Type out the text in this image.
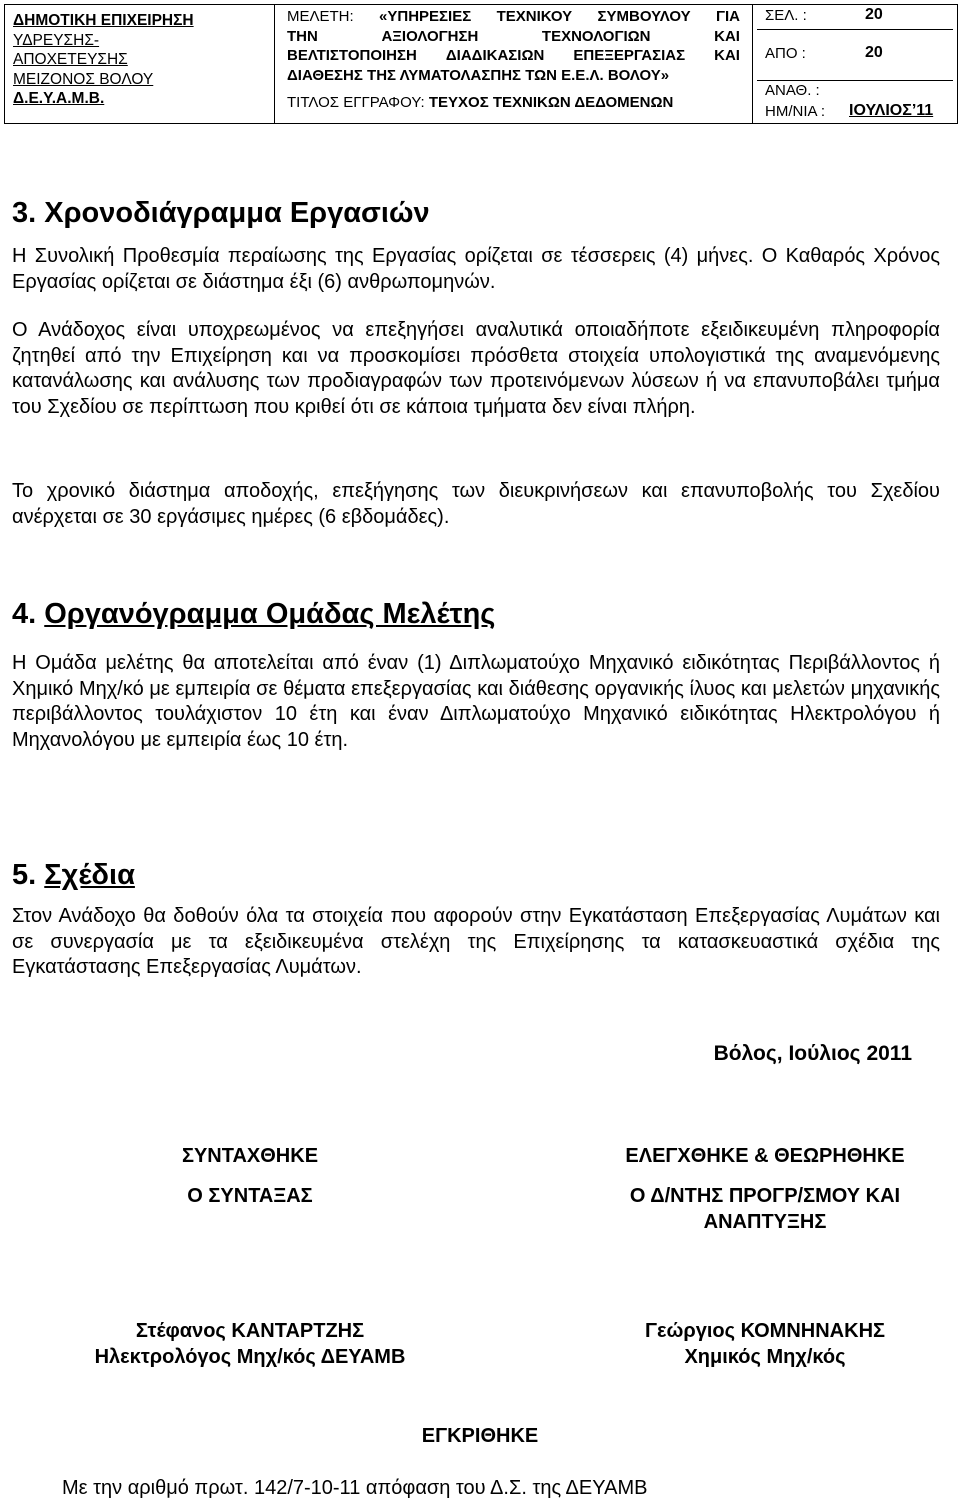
ΔΗΜΟΤΙΚΗ ΕΠΙΧΕΙΡΗΣΗ
ΥΔΡΕΥΣΗΣ-
ΑΠΟΧΕΤΕΥΣΗΣ
ΜΕΙΖΟΝΟΣ ΒΟΛΟΥ
Δ.Ε.Υ.Α.Μ.Β.
ΜΕΛΕΤΗ: «ΥΠΗΡΕΣΙΕΣ ΤΕΧΝΙΚΟΥ ΣΥΜΒΟΥΛΟΥ ΓΙΑ
ΤΗΝ	ΑΞΙΟΛΟΓΗΣΗ	ΤΕΧΝΟΛΟΓΙΩΝ	ΚΑΙ
ΒΕΛΤΙΣΤΟΠΟΙΗΣΗ ΔΙΑΔΙΚΑΣΙΩΝ ΕΠΕΞΕΡΓΑΣΙΑΣ ΚΑΙ
ΔΙΑΘΕΣΗΣ ΤΗΣ ΛΥΜΑΤΟΛΑΣΠΗΣ ΤΩΝ Ε.Ε.Λ. ΒΟΛΟΥ»
ΤΙΤΛΟΣ ΕΓΓΡΑΦΟΥ: ΤΕΥΧΟΣ ΤΕΧΝΙΚΩΝ ΔΕΔΟΜΕΝΩΝ
ΣΕΛ. :	20
ΑΠΟ :	20
ΑΝΑΘ. :
ΗΜ/ΝΙΑ : ΙΟΥΛΙΟΣ’11
3. Χρονοδιάγραμμα Εργασιών

Η Συνολική Προθεσμία περαίωσης της Εργασίας ορίζεται σε τέσσερεις (4) μήνες. Ο Καθαρός Χρόνος Εργασίας ορίζεται σε διάστημα έξι (6) ανθρωπομηνών.

Ο Ανάδοχος είναι υποχρεωμένος να επεξηγήσει αναλυτικά οποιαδήποτε εξειδικευμένη πληροφορία ζητηθεί από την Επιχείρηση και να προσκομίσει πρόσθετα στοιχεία υπολογιστικά της αναμενόμενης κατανάλωσης και ανάλυσης των προδιαγραφών των προτεινόμενων λύσεων ή να επανυποβάλει τμήμα του Σχεδίου σε περίπτωση που κριθεί ότι σε κάποια τμήματα δεν είναι πλήρη.

Το χρονικό διάστημα αποδοχής, επεξήγησης των διευκρινήσεων και επανυποβολής του Σχεδίου ανέρχεται σε 30 εργάσιμες ημέρες (6 εβδομάδες).

4. Οργανόγραμμα Ομάδας Μελέτης

Η Ομάδα μελέτης θα αποτελείται από έναν (1) Διπλωματούχο Μηχανικό ειδικότητας Περιβάλλοντος ή Χημικό Μηχ/κό με εμπειρία σε θέματα επεξεργασίας και διάθεσης οργανικής ίλυος και μελετών μηχανικής περιβάλλοντος τουλάχιστον 10 έτη και έναν Διπλωματούχο Μηχανικό ειδικότητας Ηλεκτρολόγου ή Μηχανολόγου με εμπειρία έως 10 έτη.

5. Σχέδια

Στον Ανάδοχο θα δοθούν όλα τα στοιχεία που αφορούν στην Εγκατάσταση Επεξεργασίας Λυμάτων και σε συνεργασία με τα εξειδικευμένα στελέχη της Επιχείρησης τα κατασκευαστικά σχέδια της Εγκατάστασης Επεξεργασίας Λυμάτων.

Βόλος, Ιούλιος 2011
ΣΥΝΤΑΧΘΗΚΕ
Ο ΣΥΝΤΑΞΑΣ
ΕΛΕΓΧΘΗΚΕ & ΘΕΩΡΗΘΗΚΕ
Ο Δ/ΝΤΗΣ ΠΡΟΓΡ/ΣΜΟΥ ΚΑΙ
ΑΝΑΠΤΥΞΗΣ
Στέφανος ΚΑΝΤΑΡΤΖΗΣ
Ηλεκτρολόγος Μηχ/κός ΔΕΥΑΜΒ
Γεώργιος ΚΟΜΝΗΝΑΚΗΣ
Χημικός Μηχ/κός
ΕΓΚΡΙΘΗΚΕ
Με την αριθμό πρωτ. 142/7-10-11 απόφαση του Δ.Σ. της ΔΕΥΑΜΒ
